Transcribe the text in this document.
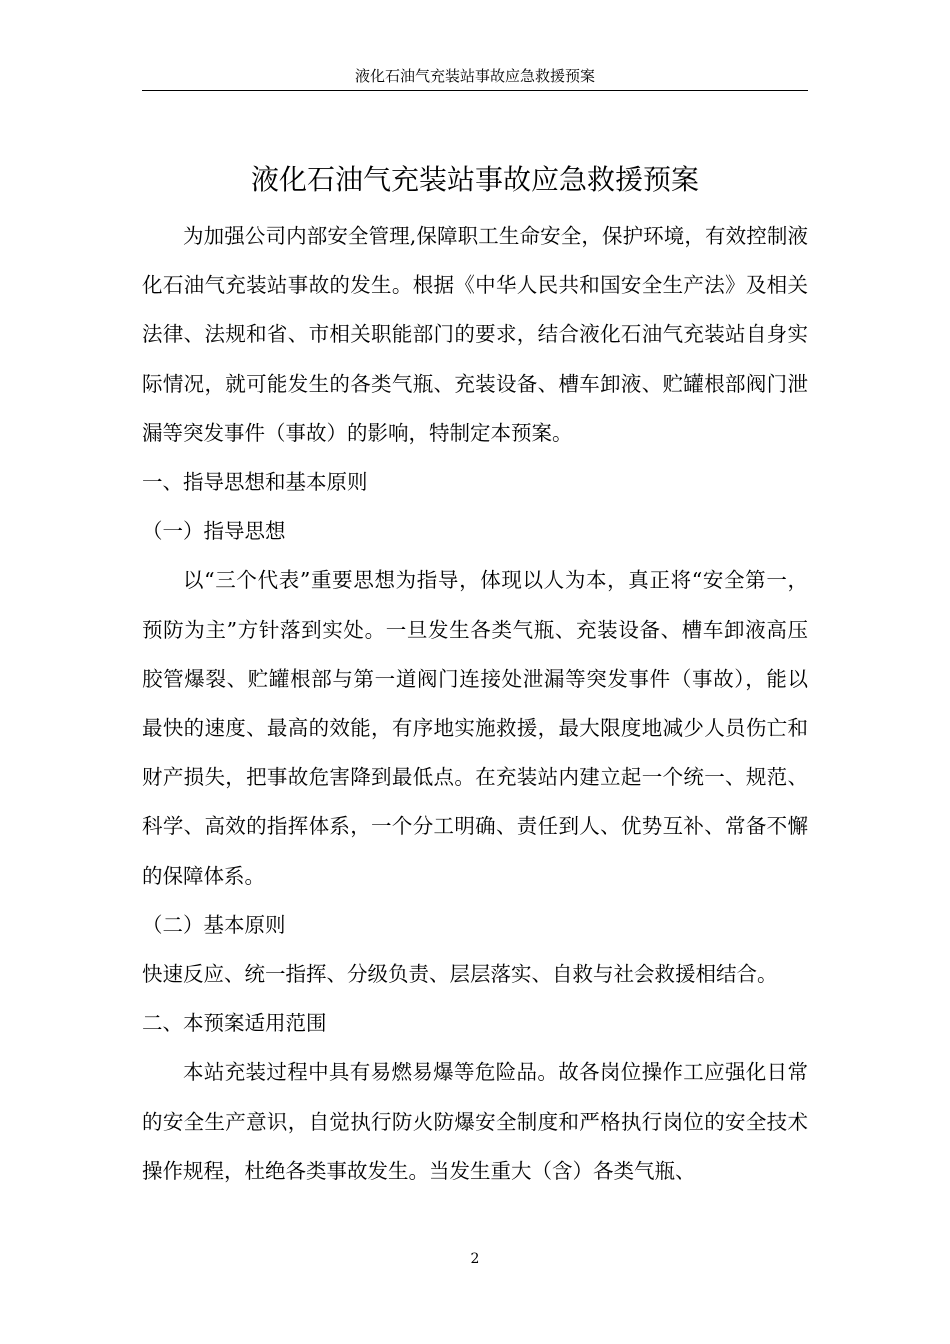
液化石油气充装站事故应急救援预案
液化石油气充装站事故应急救援预案

为加强公司内部安全管理,保障职工生命安全，保护环境，有效控制液化石油气充装站事故的发生。根据《中华人民共和国安全生产法》及相关法律、法规和省、市相关职能部门的要求，结合液化石油气充装站自身实际情况，就可能发生的各类气瓶、充装设备、槽车卸液、贮罐根部阀门泄漏等突发事件（事故）的影响，特制定本预案。

一、指导思想和基本原则

（一）指导思想

以“三个代表”重要思想为指导，体现以人为本，真正将“安全第一，预防为主”方针落到实处。一旦发生各类气瓶、充装设备、槽车卸液高压胶管爆裂、贮罐根部与第一道阀门连接处泄漏等突发事件（事故），能以最快的速度、最高的效能，有序地实施救援，最大限度地减少人员伤亡和财产损失，把事故危害降到最低点。在充装站内建立起一个统一、规范、科学、高效的指挥体系，一个分工明确、责任到人、优势互补、常备不懈的保障体系。

（二）基本原则

快速反应、统一指挥、分级负责、层层落实、自救与社会救援相结合。

二、本预案适用范围

本站充装过程中具有易燃易爆等危险品。故各岗位操作工应强化日常的安全生产意识，自觉执行防火防爆安全制度和严格执行岗位的安全技术操作规程，杜绝各类事故发生。当发生重大（含）各类气瓶、

2
